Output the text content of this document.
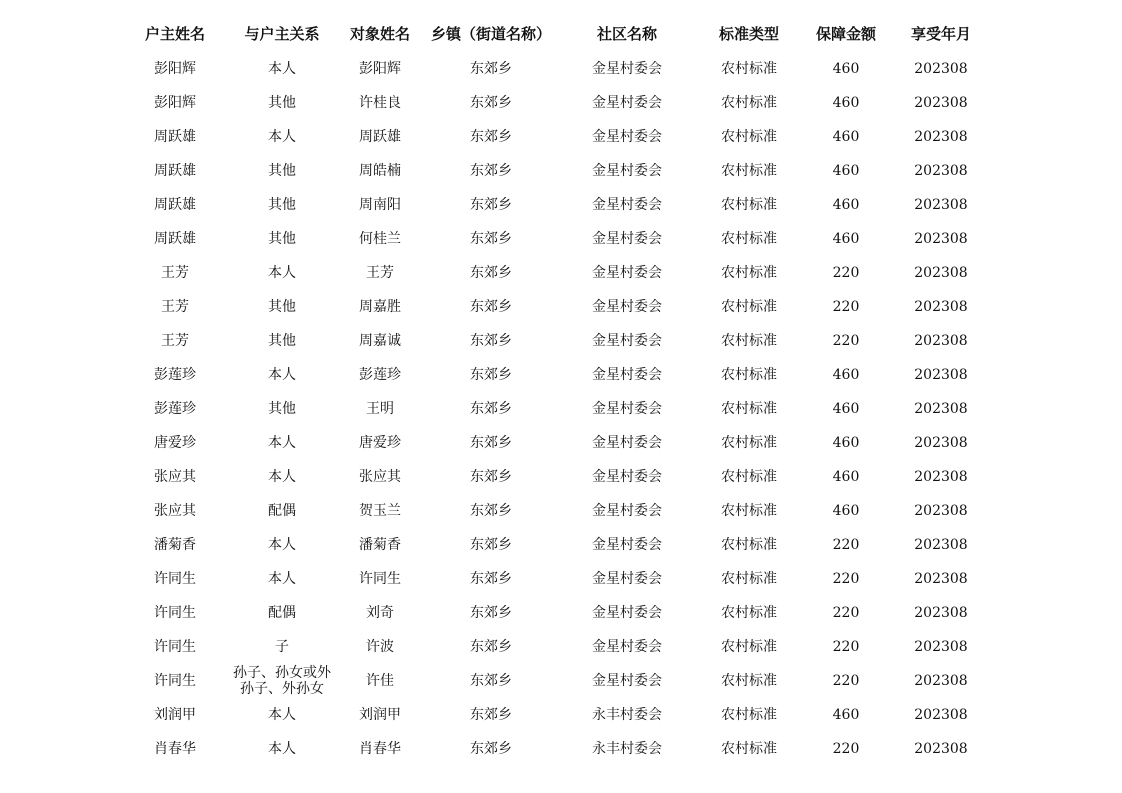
户主姓名	与户主关系	对象姓名	乡镇（街道名称）	社区名称	标准类型	保障金额	享受年月
彭阳辉	本人	彭阳辉	东郊乡	金星村委会	农村标准	460	202308
彭阳辉	其他	许桂良	东郊乡	金星村委会	农村标准	460	202308
周跃雄	本人	周跃雄	东郊乡	金星村委会	农村标准	460	202308
周跃雄	其他	周皓楠	东郊乡	金星村委会	农村标准	460	202308
周跃雄	其他	周南阳	东郊乡	金星村委会	农村标准	460	202308
周跃雄	其他	何桂兰	东郊乡	金星村委会	农村标准	460	202308
王芳	本人	王芳	东郊乡	金星村委会	农村标准	220	202308
王芳	其他	周嘉胜	东郊乡	金星村委会	农村标准	220	202308
王芳	其他	周嘉诚	东郊乡	金星村委会	农村标准	220	202308
彭莲珍	本人	彭莲珍	东郊乡	金星村委会	农村标准	460	202308
彭莲珍	其他	王明	东郊乡	金星村委会	农村标准	460	202308
唐爱珍	本人	唐爱珍	东郊乡	金星村委会	农村标准	460	202308
张应其	本人	张应其	东郊乡	金星村委会	农村标准	460	202308
张应其	配偶	贺玉兰	东郊乡	金星村委会	农村标准	460	202308
潘菊香	本人	潘菊香	东郊乡	金星村委会	农村标准	220	202308
许同生	本人	许同生	东郊乡	金星村委会	农村标准	220	202308
许同生	配偶	刘奇	东郊乡	金星村委会	农村标准	220	202308
许同生	子	许波	东郊乡	金星村委会	农村标准	220	202308
许同生	孙子、孙女或外孙子、外孙女	许佳	东郊乡	金星村委会	农村标准	220	202308
刘润甲	本人	刘润甲	东郊乡	永丰村委会	农村标准	460	202308
肖春华	本人	肖春华	东郊乡	永丰村委会	农村标准	220	202308
